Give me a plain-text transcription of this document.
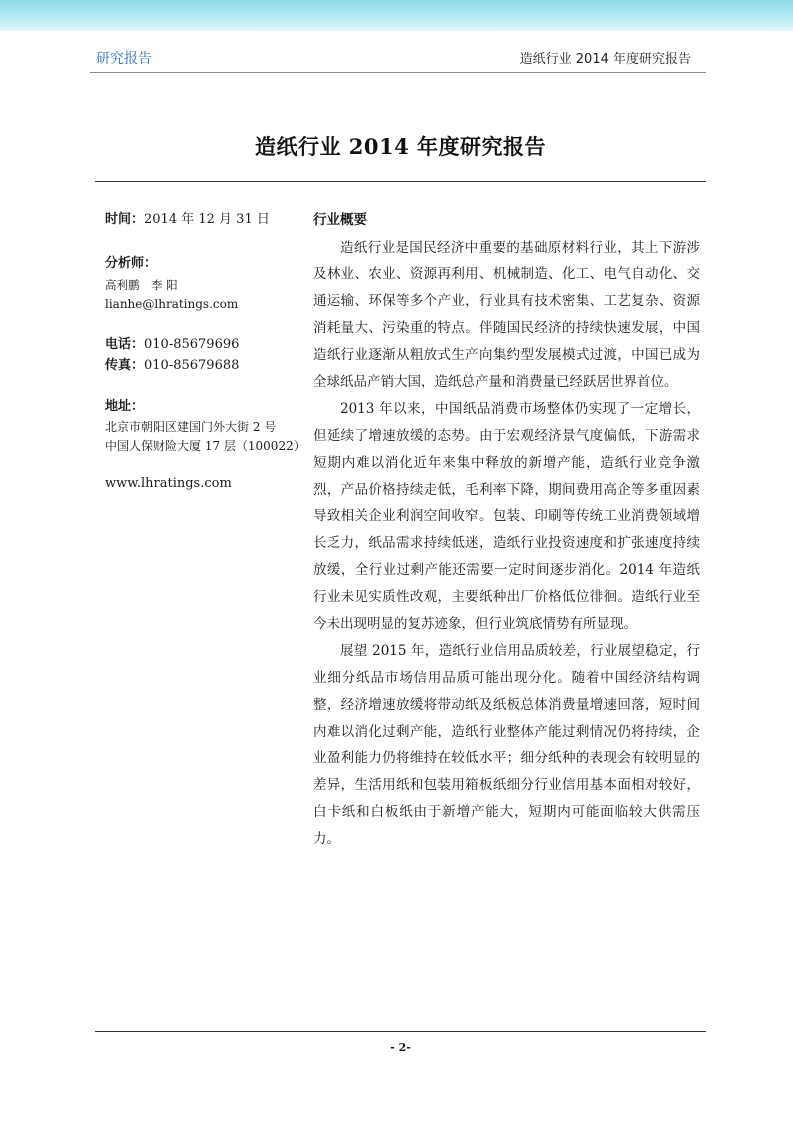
研究报告	造纸行业 2014 年度研究报告
造纸行业 2014 年度研究报告
时间：2014 年 12 月 31 日
分析师：
高利鹏　李 阳
lianhe@lhratings.com
电话：010-85679696
传真：010-85679688
地址：
北京市朝阳区建国门外大街 2 号
中国人保财险大厦 17 层（100022）
www.lhratings.com
行业概要
造纸行业是国民经济中重要的基础原材料行业，其上下游涉
及林业、农业、资源再利用、机械制造、化工、电气自动化、交
通运输、环保等多个产业，行业具有技术密集、工艺复杂、资源
消耗量大、污染重的特点。伴随国民经济的持续快速发展，中国
造纸行业逐渐从粗放式生产向集约型发展模式过渡，中国已成为
全球纸品产销大国，造纸总产量和消费量已经跃居世界首位。
2013 年以来，中国纸品消费市场整体仍实现了一定增长，
但延续了增速放缓的态势。由于宏观经济景气度偏低，下游需求
短期内难以消化近年来集中释放的新增产能，造纸行业竞争激
烈，产品价格持续走低，毛利率下降，期间费用高企等多重因素
导致相关企业利润空间收窄。包装、印刷等传统工业消费领域增
长乏力，纸品需求持续低迷，造纸行业投资速度和扩张速度持续
放缓，全行业过剩产能还需要一定时间逐步消化。2014 年造纸
行业未见实质性改观，主要纸种出厂价格低位徘徊。造纸行业至
今未出现明显的复苏迹象，但行业筑底情势有所显现。
展望 2015 年，造纸行业信用品质较差，行业展望稳定，行
业细分纸品市场信用品质可能出现分化。随着中国经济结构调
整，经济增速放缓将带动纸及纸板总体消费量增速回落，短时间
内难以消化过剩产能，造纸行业整体产能过剩情况仍将持续，企
业盈利能力仍将维持在较低水平；细分纸种的表现会有较明显的
差异，生活用纸和包装用箱板纸细分行业信用基本面相对较好，
白卡纸和白板纸由于新增产能大，短期内可能面临较大供需压
力。
- 2-
